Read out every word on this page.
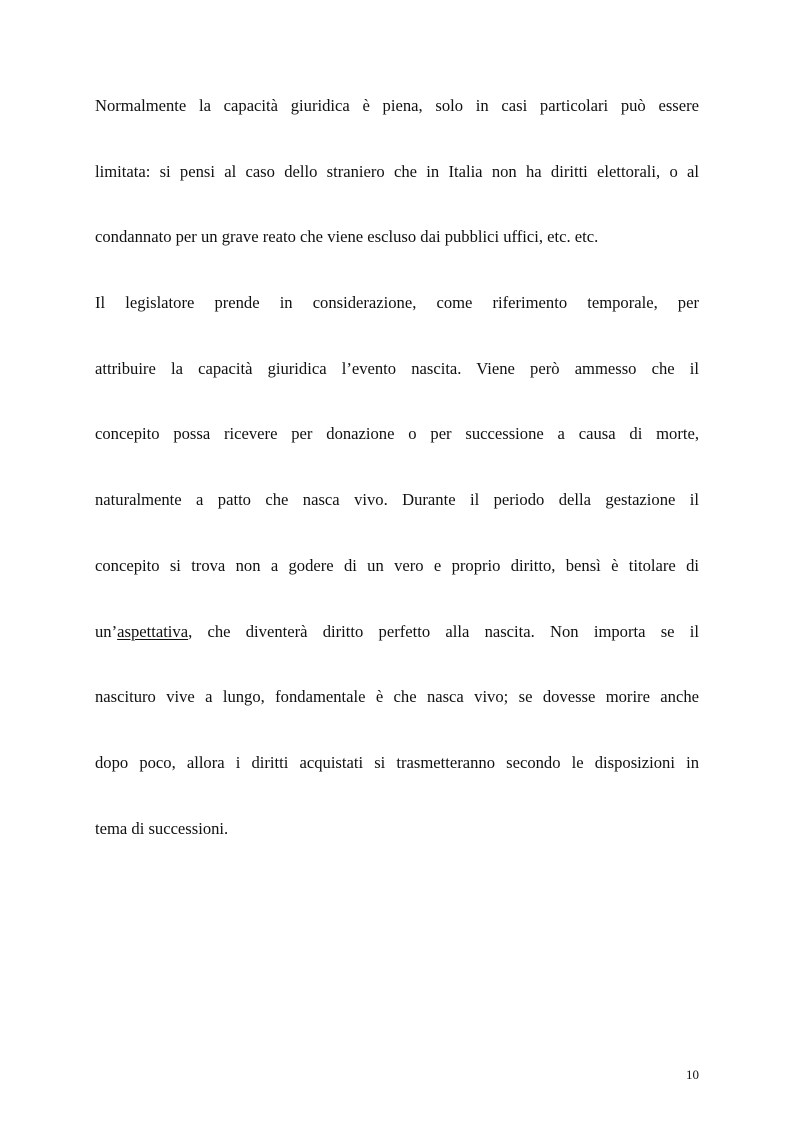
Normalmente la capacità giuridica è piena, solo in casi particolari può essere
limitata: si pensi al caso dello straniero che in Italia non ha diritti elettorali, o al
condannato per un grave reato che viene escluso dai pubblici uffici, etc. etc.
Il legislatore prende in considerazione, come riferimento temporale, per
attribuire la capacità giuridica l’evento nascita. Viene però ammesso che il
concepito possa ricevere per donazione o per successione a causa di morte,
naturalmente a patto che nasca vivo. Durante il periodo della gestazione il
concepito si trova non a godere di un vero e proprio diritto, bensì è titolare di
un’aspettativa, che diventerà diritto perfetto alla nascita. Non importa se il
nascituro vive a lungo, fondamentale è che nasca vivo; se dovesse morire anche
dopo poco, allora i diritti acquistati si trasmetteranno secondo le disposizioni in
tema di successioni.
10
